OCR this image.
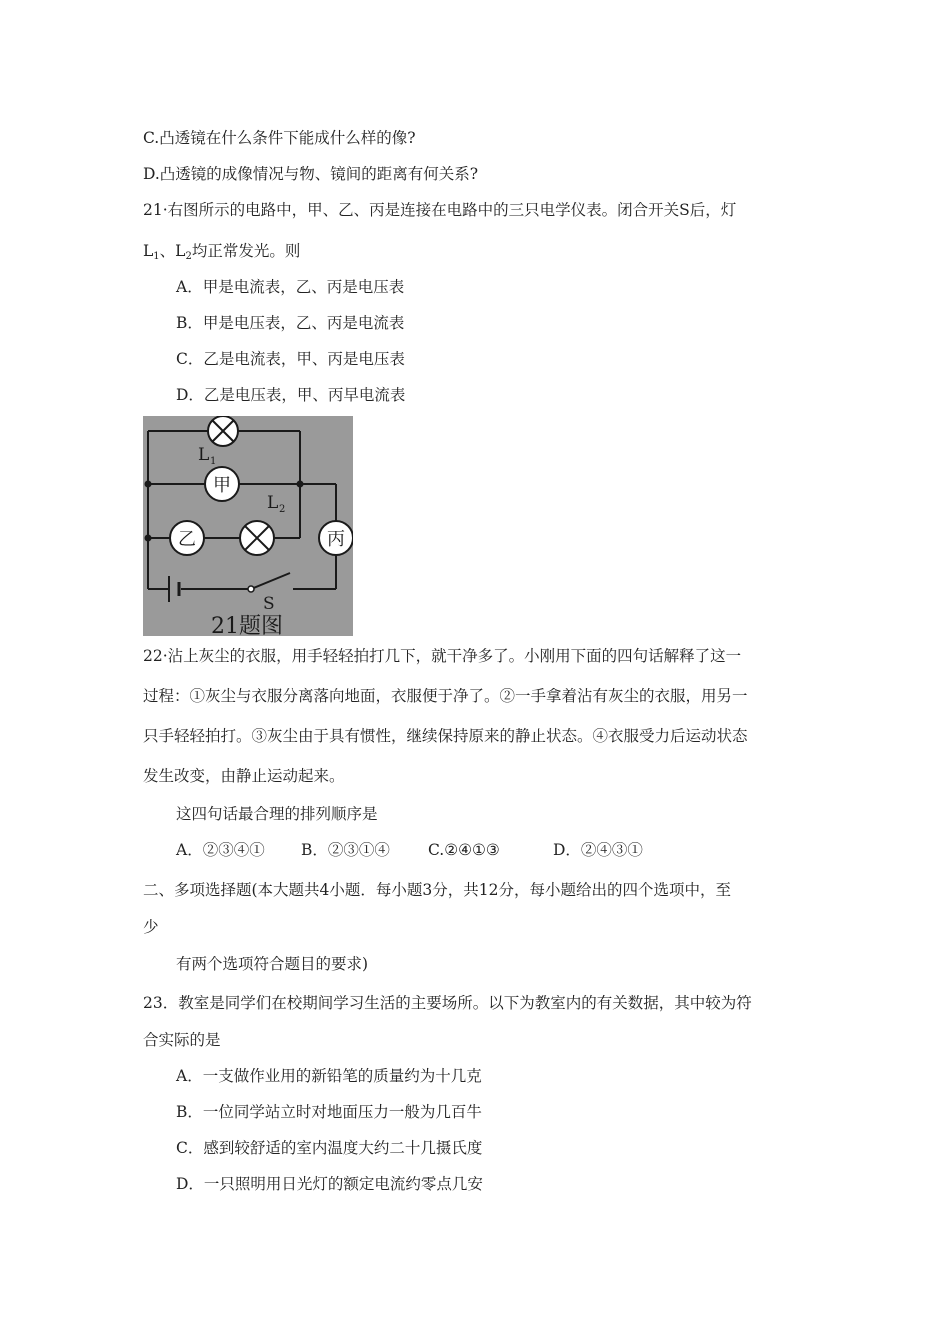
C.凸透镜在什么条件下能成什么样的像?
D.凸透镜的成像情况与物、镜间的距离有何关系?
21·右图所示的电路中，甲、乙、丙是连接在电路中的三只电学仪表。闭合开关S后，灯
$L_1$、$L_2$均正常发光。则
A．甲是电流表，乙、丙是电压表
B．甲是电压表，乙、丙是电流表
C．乙是电流表，甲、丙是电压表
D．乙是电压表，甲、丙早电流表
甲
乙	丙
L 1
L 2
S
21题图
22·沾上灰尘的衣服，用手轻轻拍打几下，就干净多了。小刚用下面的四句话解释了这一
过程：①灰尘与衣服分离落向地面，衣服便于净了。②一手拿着沾有灰尘的衣服，用另一
只手轻轻拍打。③灰尘由于具有惯性，继续保持原来的静止状态。④衣服受力后运动状态
发生改变，由静止运动起来。
这四句话最合理的排列顺序是
A．②③④① B．②③①④ C.②④①③	D．②④③①
二、多项选择题(本大题共4小题．每小题3分，共12分，每小题给出的四个选项中，至
少
有两个选项符合题目的要求)
23．教室是同学们在校期间学习生活的主要场所。以下为教室内的有关数据，其中较为符
合实际的是
A．一支做作业用的新铅笔的质量约为十几克
B．一位同学站立时对地面压力一般为几百牛
C．感到较舒适的室内温度大约二十几摄氏度
D．一只照明用日光灯的额定电流约零点几安
